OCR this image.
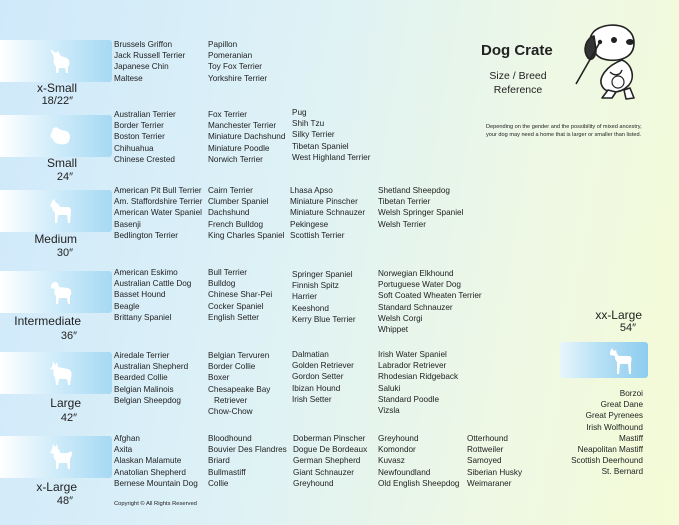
Dog Crate
Size / Breed
Reference
Depending on the gender and the possibility of mixed ancestry,
your dog may need a home that is larger or smaller than listed.
x-Small
18/22″
Small
24″
Medium
30″
Intermediate
36″
Large
42″
x-Large
48″
Brussels Griffon
Jack Russell Terrier
Japanese Chin
Maltese
Papillon
Pomeranian
Toy Fox Terrier
Yorkshire Terrier
Australian Terrier
Border Terrier
Boston Terrier
Chihuahua
Chinese Crested
Fox Terrier
Manchester Terrier
Miniature Dachshund
Miniature Poodle
Norwich Terrier
Pug
Shih Tzu
Silky Terrier
Tibetan Spaniel
West Highland Terrier
American Pit Bull Terrier
Am. Staffordshire Terrier
American Water Spaniel
Basenji
Bedlington Terrier
Cairn Terrier
Clumber Spaniel
Dachshund
French Bulldog
King Charles Spaniel
Lhasa Apso
Miniature Pinscher
Miniature Schnauzer
Pekingese
Scottish Terrier
Shetland Sheepdog
Tibetan Terrier
Welsh Springer Spaniel
Welsh Terrier
American Eskimo
Australian Cattle Dog
Basset Hound
Beagle
Brittany Spaniel
Bull Terrier
Bulldog
Chinese Shar-Pei
Cocker Spaniel
English Setter
Springer Spaniel
Finnish Spitz
Harrier
Keeshond
Kerry Blue Terrier
Norwegian Elkhound
Portuguese Water Dog
Soft Coated Wheaten Terrier
Standard Schnauzer
Welsh Corgi
Whippet
Airedale Terrier
Australian Shepherd
Bearded Collie
Belgian Malinois
Belgian Sheepdog
Belgian Tervuren
Border Collie
Boxer
Chesapeake Bay
Retriever
Chow-Chow
Dalmatian
Golden Retriever
Gordon Setter
Ibizan Hound
Irish Setter
Irish Water Spaniel
Labrador Retriever
Rhodesian Ridgeback
Saluki
Standard Poodle
Vizsla
Afghan
Axita
Alaskan Malamute
Anatolian Shepherd
Bernese Mountain Dog
Bloodhound
Bouvier Des Flandres
Briard
Bullmastiff
Collie
Doberman Pinscher
Dogue De Bordeaux
German Shepherd
Giant Schnauzer
Greyhound
Greyhound
Komondor
Kuvasz
Newfoundland
Old English Sheepdog
Otterhound
Rottweiler
Samoyed
Siberian Husky
Weimaraner
xx-Large
54″
Borzoi
Great Dane
Great Pyrenees
Irish Wolfhound
Mastiff
Neapolitan Mastiff
Scottish Deerhound
St. Bernard
Copyright © All Rights Reserved
